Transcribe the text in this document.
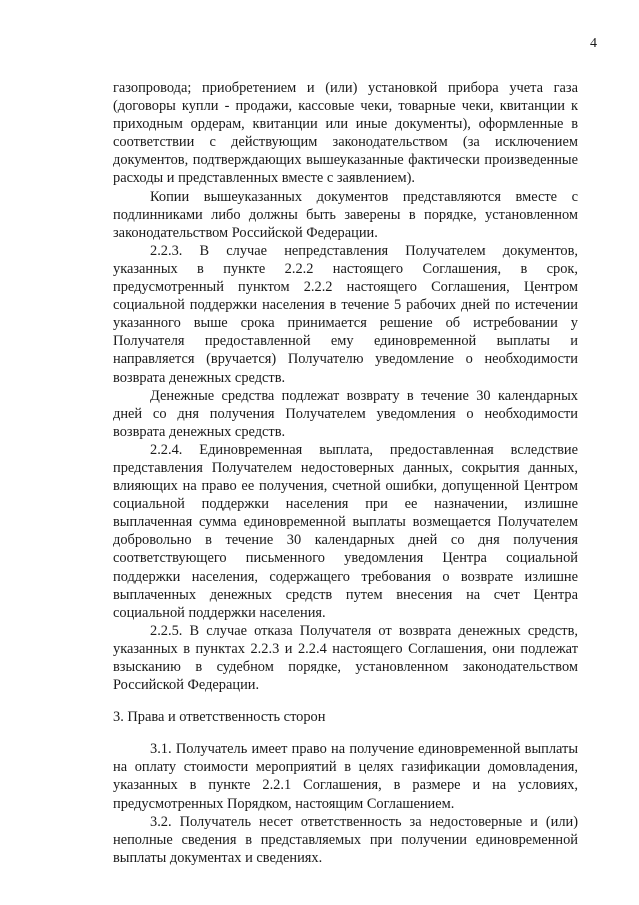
4

газопровода; приобретением и (или) установкой прибора учета газа (договоры купли - продажи, кассовые чеки, товарные чеки, квитанции к приходным ордерам, квитанции или иные документы), оформленные в соответствии с действующим законодательством (за исключением документов, подтверждающих вышеуказанные фактически произведенные расходы и представленных вместе с заявлением).

Копии вышеуказанных документов представляются вместе с подлинниками либо должны быть заверены в порядке, установленном законодательством Российской Федерации.

2.2.3. В случае непредставления Получателем документов, указанных в пункте 2.2.2 настоящего Соглашения, в срок, предусмотренный пунктом 2.2.2 настоящего Соглашения, Центром социальной поддержки населения в течение 5 рабочих дней по истечении указанного выше срока принимается решение об истребовании у Получателя предоставленной ему единовременной выплаты и направляется (вручается) Получателю уведомление о необходимости возврата денежных средств.

Денежные средства подлежат возврату в течение 30 календарных дней со дня получения Получателем уведомления о необходимости возврата денежных средств.

2.2.4. Единовременная выплата, предоставленная вследствие представления Получателем недостоверных данных, сокрытия данных, влияющих на право ее получения, счетной ошибки, допущенной Центром социальной поддержки населения при ее назначении, излишне выплаченная сумма единовременной выплаты возмещается Получателем добровольно в течение 30 календарных дней со дня получения соответствующего письменного уведомления Центра социальной поддержки населения, содержащего требования о возврате излишне выплаченных денежных средств путем внесения на счет Центра социальной поддержки населения.

2.2.5. В случае отказа Получателя от возврата денежных средств, указанных в пунктах 2.2.3 и 2.2.4 настоящего Соглашения, они подлежат взысканию в судебном порядке, установленном законодательством Российской Федерации.

3. Права и ответственность сторон

3.1. Получатель имеет право на получение единовременной выплаты на оплату стоимости мероприятий в целях газификации домовладения, указанных в пункте 2.2.1 Соглашения, в размере и на условиях, предусмотренных Порядком, настоящим Соглашением.

3.2. Получатель несет ответственность за недостоверные и (или) неполные сведения в представляемых при получении единовременной выплаты документах и сведениях.
